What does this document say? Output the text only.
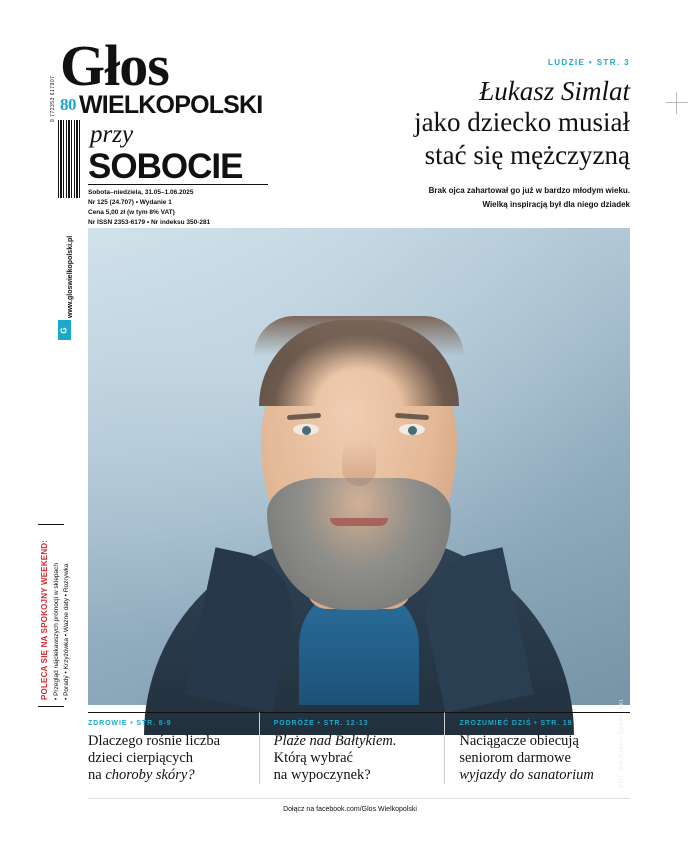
Głos
80 WIELKOPOLSKI
9 772353 617907
www.gloswielkopolski.pl
G
przy
SOBOCIE
Sobota–niedziela, 31.05–1.06.2025
Nr 125 (24.707) • Wydanie 1
Cena 5,00 zł (w tym 8% VAT)
Nr ISSN 2353-6179 • Nr indeksu 350-281
POLECA SIĘ NA SPOKOJNY WEEKEND: • Przegląd najciekawszych promocji w sklepach • Poradý • Krzyżówka • Ważne daty • Rozrywka
LUDZIE • STR. 3
Łukasz Simlat
jako dziecko musiał
stać się mężczyzną
Brak ojca zahartował go już w bardzo młodym wieku.
Wielką inspiracją był dla niego dziadek
FOT. WOJCIECH SZABELSKI
ZDROWIE • STR. 8-9
Dlaczego rośnie liczba
dzieci cierpiących
na choroby skóry?
PODRÓŻE • STR. 12-13
Plaże nad Bałtykiem.
Którą wybrać
na wypoczynek?
ZROZUMIEĆ DZIŚ • STR. 19
Naciągacze obiecują
seniorom darmowe
wyjazdy do sanatorium
Dołącz na facebook.com/Glos Wielkopolski
